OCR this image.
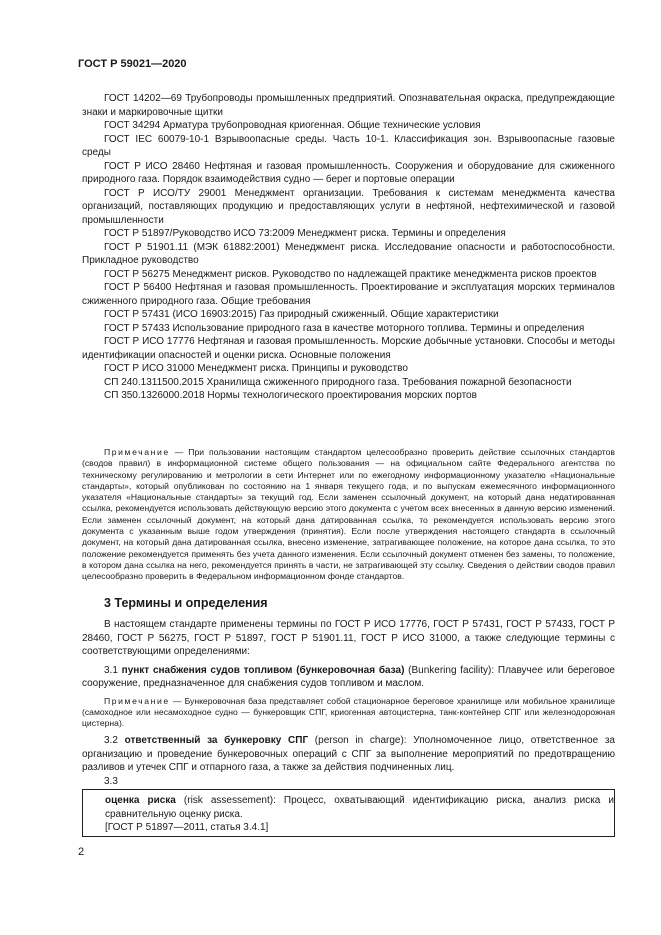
ГОСТ Р 59021—2020

ГОСТ 14202—69 Трубопроводы промышленных предприятий. Опознавательная окраска, предупреждающие знаки и маркировочные щитки

ГОСТ 34294 Арматура трубопроводная криогенная. Общие технические условия

ГОСТ IEC 60079-10-1 Взрывоопасные среды. Часть 10-1. Классификация зон. Взрывоопасные газовые среды

ГОСТ Р ИСО 28460 Нефтяная и газовая промышленность. Сооружения и оборудование для сжиженного природного газа. Порядок взаимодействия судно — берег и портовые операции

ГОСТ Р ИСО/ТУ 29001 Менеджмент организации. Требования к системам менеджмента качества организаций, поставляющих продукцию и предоставляющих услуги в нефтяной, нефтехимической и газовой промышленности

ГОСТ Р 51897/Руководство ИСО 73:2009 Менеджмент риска. Термины и определения

ГОСТ Р 51901.11 (МЭК 61882:2001) Менеджмент риска. Исследование опасности и работоспособности. Прикладное руководство

ГОСТ Р 56275 Менеджмент рисков. Руководство по надлежащей практике менеджмента рисков проектов

ГОСТ Р 56400 Нефтяная и газовая промышленность. Проектирование и эксплуатация морских терминалов сжиженного природного газа. Общие требования

ГОСТ Р 57431 (ИСО 16903:2015) Газ природный сжиженный. Общие характеристики

ГОСТ Р 57433 Использование природного газа в качестве моторного топлива. Термины и определения

ГОСТ Р ИСО 17776 Нефтяная и газовая промышленность. Морские добычные установки. Способы и методы идентификации опасностей и оценки риска. Основные положения

ГОСТ Р ИСО 31000 Менеджмент риска. Принципы и руководство

СП 240.1311500.2015 Хранилища сжиженного природного газа. Требования пожарной безопасности

СП 350.1326000.2018 Нормы технологического проектирования морских портов

Примечание — При пользовании настоящим стандартом целесообразно проверить действие ссылочных стандартов (сводов правил) в информационной системе общего пользования — на официальном сайте Федерального агентства по техническому регулированию и метрологии в сети Интернет или по ежегодному информационному указателю «Национальные стандарты», который опубликован по состоянию на 1 января текущего года, и по выпускам ежемесячного информационного указателя «Национальные стандарты» за текущий год. Если заменен ссылочный документ, на который дана недатированная ссылка, рекомендуется использовать действующую версию этого документа с учетом всех внесенных в данную версию изменений. Если заменен ссылочный документ, на который дана датированная ссылка, то рекомендуется использовать версию этого документа с указанным выше годом утверждения (принятия). Если после утверждения настоящего стандарта в ссылочный документ, на который дана датированная ссылка, внесено изменение, затрагивающее положение, на которое дана ссылка, то это положение рекомендуется применять без учета данного изменения. Если ссылочный документ отменен без замены, то положение, в котором дана ссылка на него, рекомендуется принять в части, не затрагивающей эту ссылку. Сведения о действии сводов правил целесообразно проверить в Федеральном информационном фонде стандартов.

3 Термины и определения

В настоящем стандарте применены термины по ГОСТ Р ИСО 17776, ГОСТ Р 57431, ГОСТ Р 57433, ГОСТ Р 28460, ГОСТ Р 56275, ГОСТ Р 51897, ГОСТ Р 51901.11, ГОСТ Р ИСО 31000, а также следующие термины с соответствующими определениями:

3.1 пункт снабжения судов топливом (бункеровочная база) (Bunkering facility): Плавучее или береговое сооружение, предназначенное для снабжения судов топливом и маслом.

Примечание — Бункеровочная база представляет собой стационарное береговое хранилище или мобильное хранилище (самоходное или несамоходное судно — бункеровщик СПГ, криогенная автоцистерна, танк-контейнер СПГ или железнодорожная цистерна).

3.2 ответственный за бункеровку СПГ (person in charge): Уполномоченное лицо, ответственное за организацию и проведение бункеровочных операций с СПГ за выполнение мероприятий по предотвращению разливов и утечек СПГ и отпарного газа, а также за действия подчиненных лиц.

3.3

оценка риска (risk assessement): Процесс, охватывающий идентификацию риска, анализ риска и сравнительную оценку риска.

[ГОСТ Р 51897—2011, статья 3.4.1]

2
